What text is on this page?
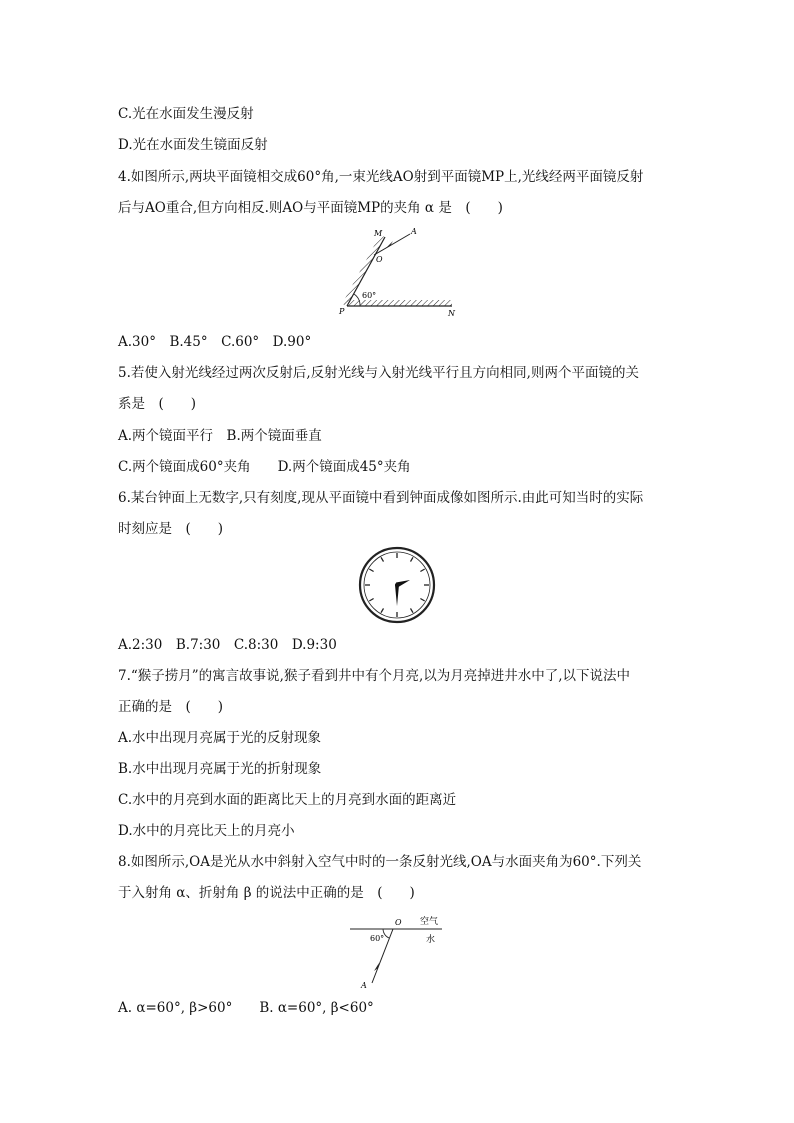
C.光在水面发生漫反射
D.光在水面发生镜面反射
4.如图所示,两块平面镜相交成60°角,一束光线AO射到平面镜MP上,光线经两平面镜反射
后与AO重合,但方向相反.则AO与平面镜MP的夹角 α 是　(　　)
60°
M	A
O
P	N
A.30°　B.45°　C.60°　D.90°
5.若使入射光线经过两次反射后,反射光线与入射光线平行且方向相同,则两个平面镜的关
系是　(　　)
A.两个镜面平行　B.两个镜面垂直
C.两个镜面成60°夹角　　D.两个镜面成45°夹角
6.某台钟面上无数字,只有刻度,现从平面镜中看到钟面成像如图所示.由此可知当时的实际
时刻应是　(　　)
A.2:30　B.7:30　C.8:30　D.9:30
7.“猴子捞月”的寓言故事说,猴子看到井中有个月亮,以为月亮掉进井水中了,以下说法中
正确的是　(　　)
A.水中出现月亮属于光的反射现象
B.水中出现月亮属于光的折射现象
C.水中的月亮到水面的距离比天上的月亮到水面的距离近
D.水中的月亮比天上的月亮小
8.如图所示,OA是光从水中斜射入空气中时的一条反射光线,OA与水面夹角为60°.下列关
于入射角 α、折射角 β 的说法中正确的是　(　　)
O
60°
空气
水
A
A. α=60°, β>60°　　B. α=60°, β<60°
